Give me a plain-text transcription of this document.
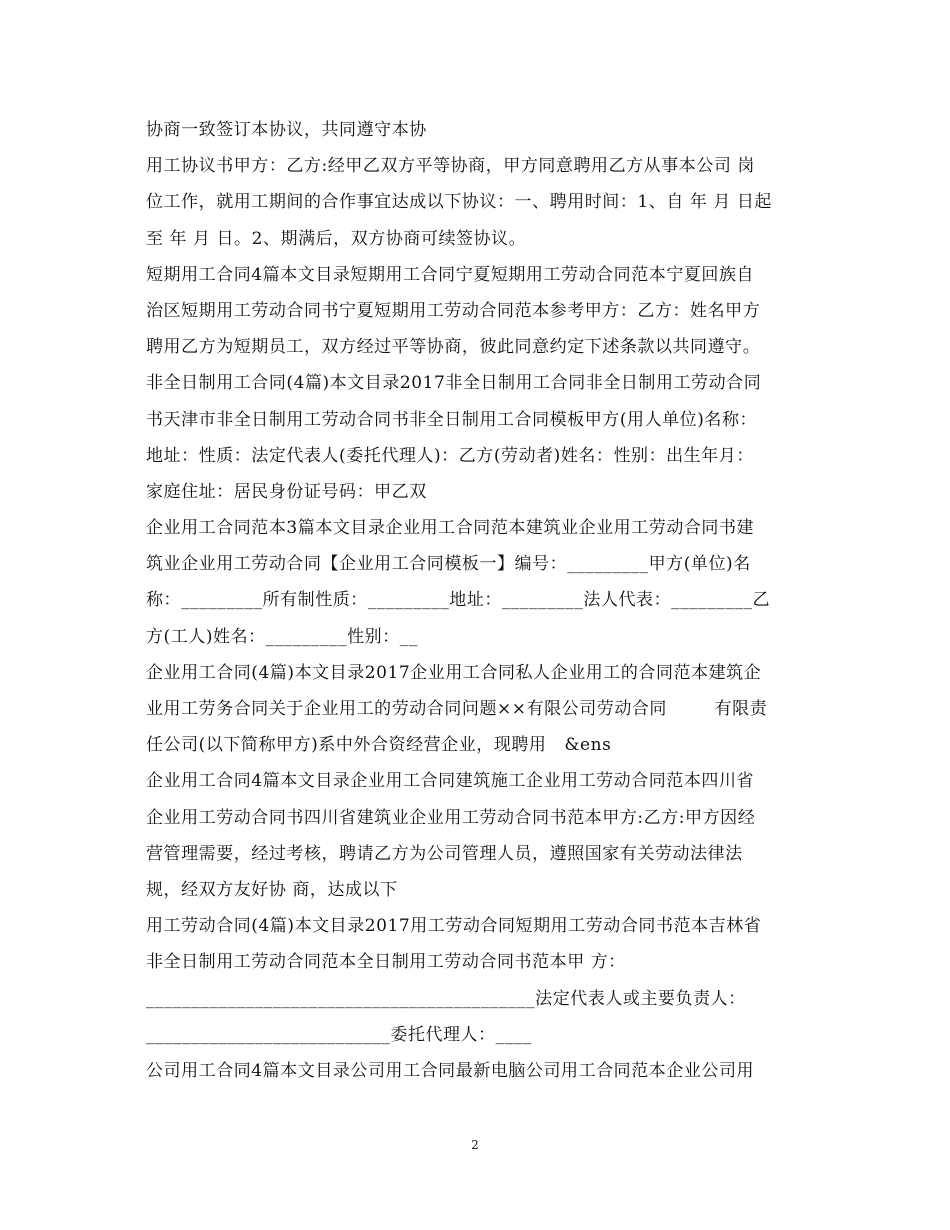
协商一致签订本协议，共同遵守本协
用工协议书甲方：乙方:经甲乙双方平等协商，甲方同意聘用乙方从事本公司 岗
位工作，就用工期间的合作事宜达成以下协议：一、聘用时间：1、自 年 月 日起
至 年 月 日。2、期满后，双方协商可续签协议。
短期用工合同4篇本文目录短期用工合同宁夏短期用工劳动合同范本宁夏回族自
治区短期用工劳动合同书宁夏短期用工劳动合同范本参考甲方：乙方：姓名甲方
聘用乙方为短期员工，双方经过平等协商，彼此同意约定下述条款以共同遵守。
非全日制用工合同(4篇)本文目录2017非全日制用工合同非全日制用工劳动合同
书天津市非全日制用工劳动合同书非全日制用工合同模板甲方(用人单位)名称：
地址：性质：法定代表人(委托代理人)：乙方(劳动者)姓名：性别：出生年月：
家庭住址：居民身份证号码：甲乙双
企业用工合同范本3篇本文目录企业用工合同范本建筑业企业用工劳动合同书建
筑业企业用工劳动合同【企业用工合同模板一】编号：_________甲方(单位)名
称：_________所有制性质：_________地址：_________法人代表：_________乙
方(工人)姓名：_________性别：__
企业用工合同(4篇)本文目录2017企业用工合同私人企业用工的合同范本建筑企
业用工劳务合同关于企业用工的劳动合同问题××有限公司劳动合同        有限责
任公司(以下简称甲方)系中外合资经营企业，现聘用   &ens
企业用工合同4篇本文目录企业用工合同建筑施工企业用工劳动合同范本四川省
企业用工劳动合同书四川省建筑业企业用工劳动合同书范本甲方:乙方:甲方因经
营管理需要，经过考核，聘请乙方为公司管理人员，遵照国家有关劳动法律法
规，经双方友好协 商，达成以下
用工劳动合同(4篇)本文目录2017用工劳动合同短期用工劳动合同书范本吉林省
非全日制用工劳动合同范本全日制用工劳动合同书范本甲 方：
___________________________________________法定代表人或主要负责人：
___________________________委托代理人：____
公司用工合同4篇本文目录公司用工合同最新电脑公司用工合同范本企业公司用
2
